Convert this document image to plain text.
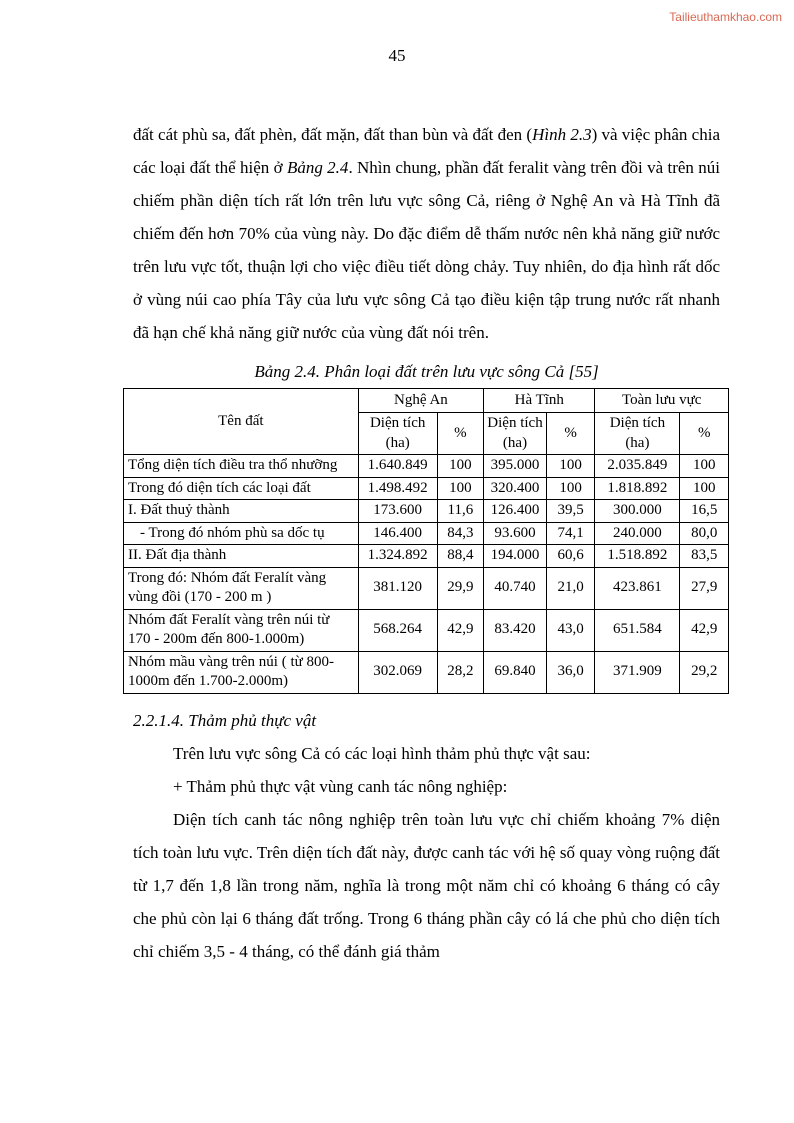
Tailieuthamkhao.com
45

đất cát phù sa, đất phèn, đất mặn, đất than bùn và đất đen (Hình 2.3) và việc phân chia các loại đất thể hiện ở Bảng 2.4. Nhìn chung, phần đất feralit vàng trên đồi và trên núi chiếm phần diện tích rất lớn trên lưu vực sông Cả, riêng ở Nghệ An và Hà Tĩnh đã chiếm đến hơn 70% của vùng này. Do đặc điểm dễ thấm nước nên khả năng giữ nước trên lưu vực tốt, thuận lợi cho việc điều tiết dòng chảy. Tuy nhiên, do địa hình rất dốc ở vùng núi cao phía Tây của lưu vực sông Cả tạo điều kiện tập trung nước rất nhanh đã hạn chế khả năng giữ nước của vùng đất nói trên.

Bảng 2.4. Phân loại đất trên lưu vực sông Cả [55]
Tên đất	Nghệ An		Hà Tĩnh		Toàn lưu vực	
	Diện tích (ha)	%	Diện tích (ha)	%	Diện tích (ha)	%
Tổng diện tích điều tra thổ nhưỡng	1.640.849	100	395.000	100	2.035.849	100
Trong đó diện tích các loại đất	1.498.492	100	320.400	100	1.818.892	100
I. Đất thuỷ thành	173.600	11,6	126.400	39,5	300.000	16,5
- Trong đó nhóm phù sa dốc tụ	146.400	84,3	93.600	74,1	240.000	80,0
II. Đất địa thành	1.324.892	88,4	194.000	60,6	1.518.892	83,5
Trong đó: Nhóm đất Feralít vàng vùng đồi (170 - 200 m )	381.120	29,9	40.740	21,0	423.861	27,9
Nhóm đất Feralít vàng trên núi từ 170 - 200m đến 800-1.000m)	568.264	42,9	83.420	43,0	651.584	42,9
Nhóm mầu vàng trên núi ( từ 800-1000m đến 1.700-2.000m)	302.069	28,2	69.840	36,0	371.909	29,2
2.2.1.4. Thảm phủ thực vật

Trên lưu vực sông Cả có các loại hình thảm phủ thực vật sau:

+ Thảm phủ thực vật vùng canh tác nông nghiệp:

Diện tích canh tác nông nghiệp trên toàn lưu vực chỉ chiếm khoảng 7% diện tích toàn lưu vực. Trên diện tích đất này, được canh tác với hệ số quay vòng ruộng đất từ 1,7 đến 1,8 lần trong năm, nghĩa là trong một năm chỉ có khoảng 6 tháng có cây che phủ còn lại 6 tháng đất trống. Trong 6 tháng phần cây có lá che phủ cho diện tích chỉ chiếm 3,5 - 4 tháng, có thể đánh giá thảm
